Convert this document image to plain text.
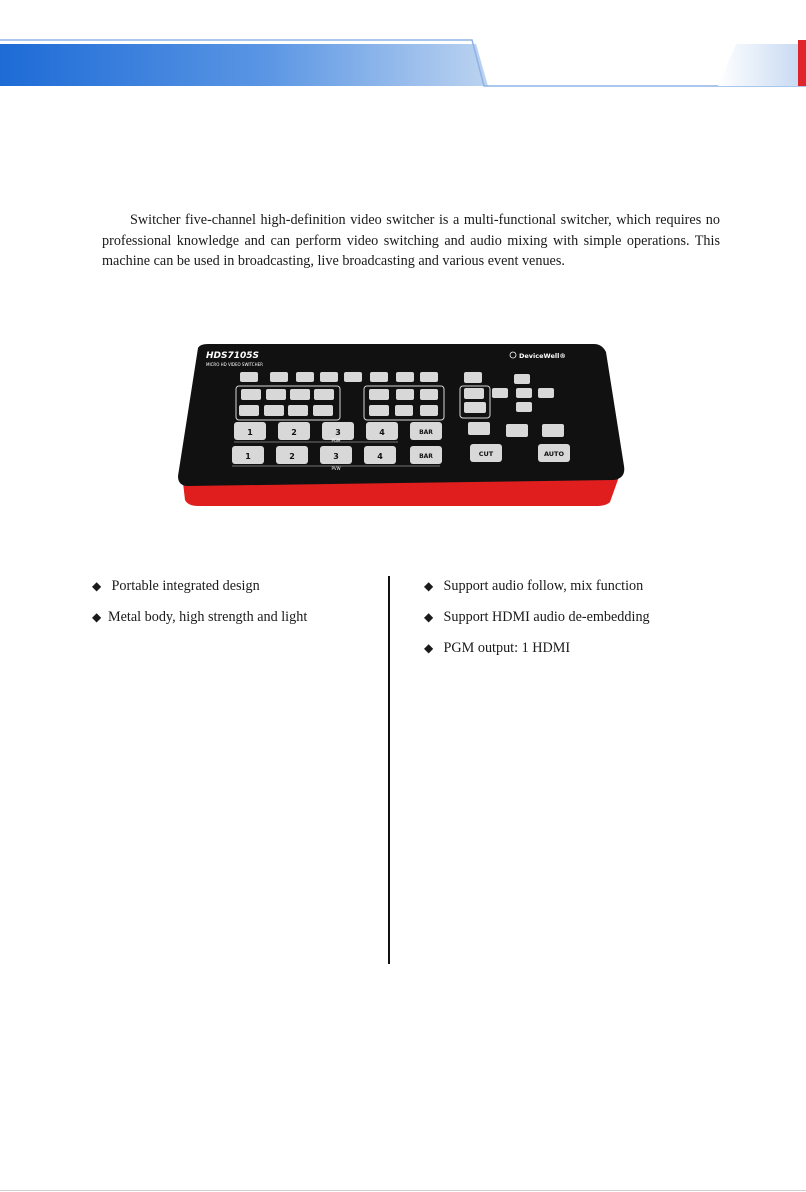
Switcher five-channel high-definition video switcher is a multi-functional switcher, which requires no professional knowledge and can perform video switching and audio mixing with simple operations. This machine can be used in broadcasting, live broadcasting and various event venues.

HDS7105S
MICRO HD VIDEO SWITCHER
DeviceWell®
1	2	3	4	BAR
PGM
1	2	3	4	BAR
PVW
CUT	AUTO
◆ Portable integrated design
◆ Metal body, high strength and light
◆ Support audio follow, mix function
◆ Support HDMI audio de-embedding
◆ PGM output: 1 HDMI
